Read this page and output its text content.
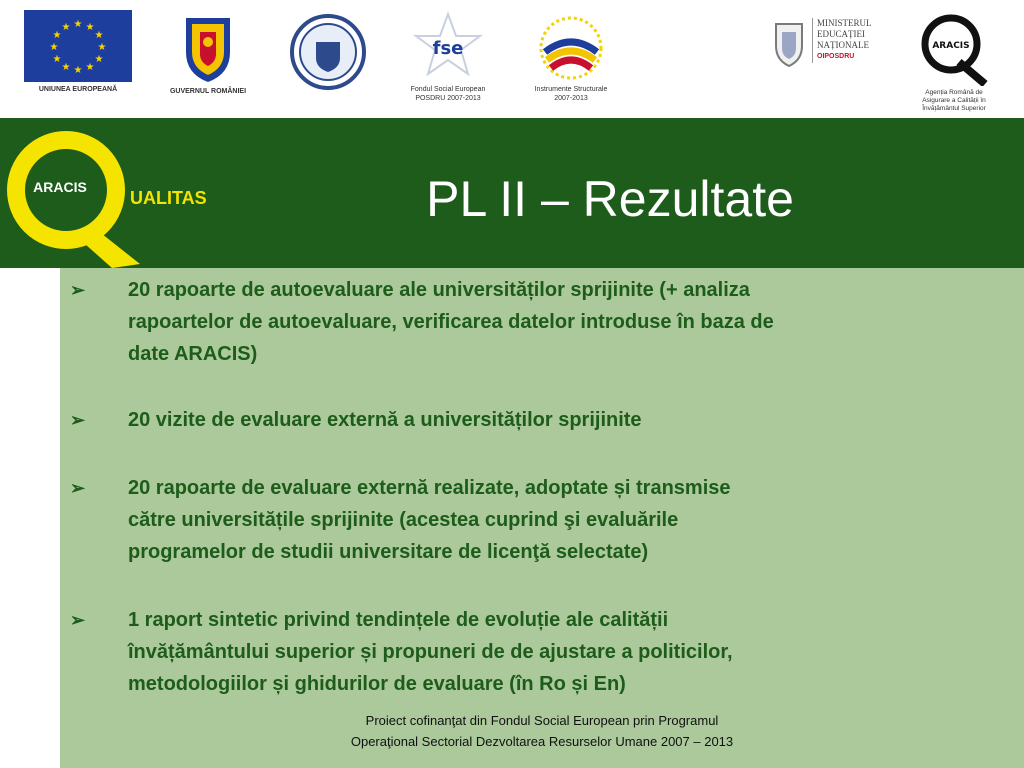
★ ★
★
★
★
★
★
★
★
★
★
★
UNIUNEA EUROPEANĂ	GUVERNUL ROMÂNIEI
fse
Fondul Social European
POSDRU 2007-2013
Instrumente Structurale
2007-2013
MINISTERUL
EDUCAȚIEI
NAȚIONALE
OIPOSDRU
ARACIS
Agenția Română de
Asigurare a Calității în
Învățământul Superior
ARACIS
UALITAS	PL II – Rezultate
➢ 20 rapoarte de autoevaluare ale universităților sprijinite (+ analiza
rapoartelor de autoevaluare, verificarea datelor introduse în baza de
date ARACIS)
➢ 20 vizite de evaluare externă a universităților sprijinite
➢ 20 rapoarte de evaluare externă realizate, adoptate și transmise
către universitățile sprijinite (acestea cuprind şi evaluările
programelor de studii universitare de licenţă selectate)
➢ 1 raport sintetic privind tendințele de evoluție ale calității
învățământului superior și propuneri de de ajustare a politicilor,
metodologiilor și ghidurilor de evaluare (în Ro și En)
Proiect cofinanţat din Fondul Social European prin Programul
Operaţional Sectorial Dezvoltarea Resurselor Umane 2007 – 2013
